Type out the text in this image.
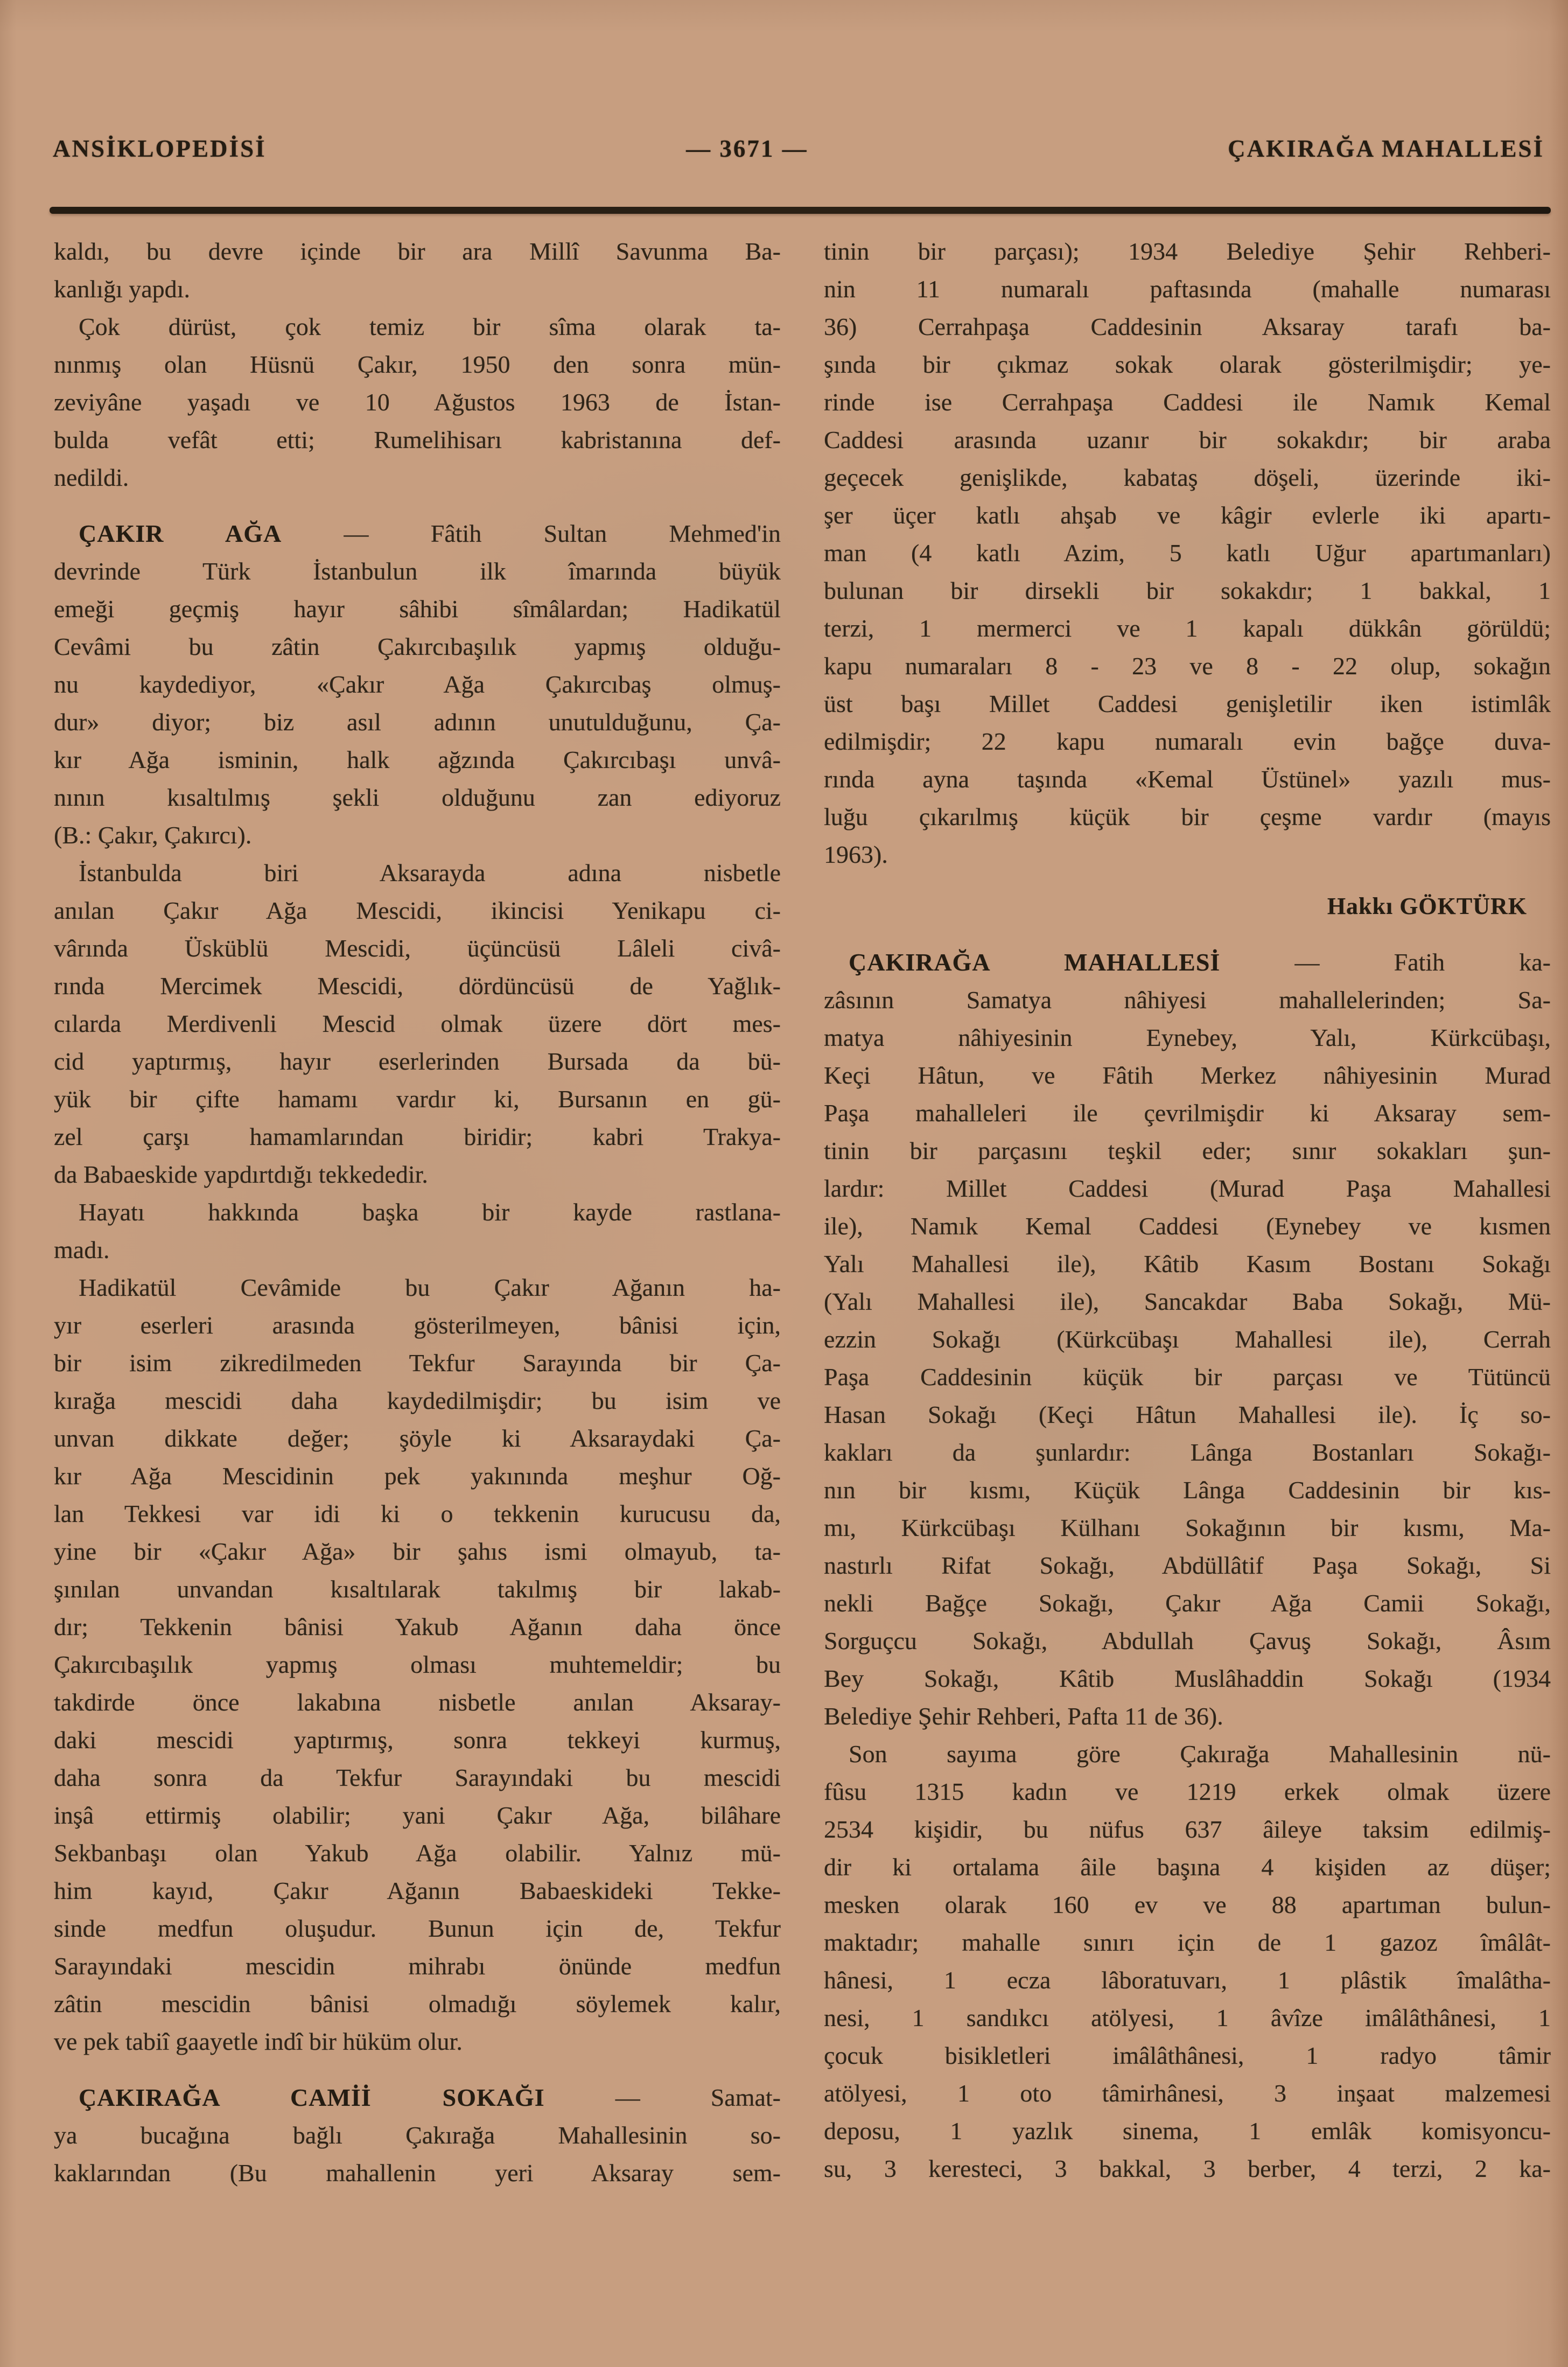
ANSİKLOPEDİSİ	— 3671 —	ÇAKIRAĞA MAHALLESİ
kaldı, bu devre içinde bir ara Millî Savunma Ba-
kanlığı yapdı.
Çok dürüst, çok temiz bir sîma olarak ta-
nınmış olan Hüsnü Çakır, 1950 den sonra mün-
zeviyâne yaşadı ve 10 Ağustos 1963 de İstan-
bulda vefât etti; Rumelihisarı kabristanına def-
nedildi.
ÇAKIR AĞA — Fâtih Sultan Mehmed'in
devrinde Türk İstanbulun ilk îmarında büyük
emeği geçmiş hayır sâhibi sîmâlardan; Hadikatül
Cevâmi bu zâtin Çakırcıbaşılık yapmış olduğu-
nu kaydediyor, «Çakır Ağa Çakırcıbaş olmuş-
dur» diyor; biz asıl adının unutulduğunu, Ça-
kır Ağa isminin, halk ağzında Çakırcıbaşı unvâ-
nının kısaltılmış şekli olduğunu zan ediyoruz
(B.: Çakır, Çakırcı).
İstanbulda biri Aksarayda adına nisbetle
anılan Çakır Ağa Mescidi, ikincisi Yenikapu ci-
vârında Üsküblü Mescidi, üçüncüsü Lâleli civâ-
rında Mercimek Mescidi, dördüncüsü de Yağlık-
cılarda Merdivenli Mescid olmak üzere dört mes-
cid yaptırmış, hayır eserlerinden Bursada da bü-
yük bir çifte hamamı vardır ki, Bursanın en gü-
zel çarşı hamamlarından biridir; kabri Trakya-
da Babaeskide yapdırtdığı tekkededir.
Hayatı hakkında başka bir kayde rastlana-
madı.
Hadikatül Cevâmide bu Çakır Ağanın ha-
yır eserleri arasında gösterilmeyen, bânisi için,
bir isim zikredilmeden Tekfur Sarayında bir Ça-
kırağa mescidi daha kaydedilmişdir; bu isim ve
unvan dikkate değer; şöyle ki Aksaraydaki Ça-
kır Ağa Mescidinin pek yakınında meşhur Oğ-
lan Tekkesi var idi ki o tekkenin kurucusu da,
yine bir «Çakır Ağa» bir şahıs ismi olmayub, ta-
şınılan unvandan kısaltılarak takılmış bir lakab-
dır; Tekkenin bânisi Yakub Ağanın daha önce
Çakırcıbaşılık yapmış olması muhtemeldir; bu
takdirde önce lakabına nisbetle anılan Aksaray-
daki mescidi yaptırmış, sonra tekkeyi kurmuş,
daha sonra da Tekfur Sarayındaki bu mescidi
inşâ ettirmiş olabilir; yani Çakır Ağa, bilâhare
Sekbanbaşı olan Yakub Ağa olabilir. Yalnız mü-
him kayıd, Çakır Ağanın Babaeskideki Tekke-
sinde medfun oluşudur. Bunun için de, Tekfur
Sarayındaki mescidin mihrabı önünde medfun
zâtin mescidin bânisi olmadığı söylemek kalır,
ve pek tabiî gaayetle indî bir hüküm olur.
ÇAKIRAĞA CAMİİ SOKAĞI — Samat-
ya bucağına bağlı Çakırağa Mahallesinin so-
kaklarından (Bu mahallenin yeri Aksaray sem-
tinin bir parçası); 1934 Belediye Şehir Rehberi-
nin 11 numaralı paftasında (mahalle numarası
36) Cerrahpaşa Caddesinin Aksaray tarafı ba-
şında bir çıkmaz sokak olarak gösterilmişdir; ye-
rinde ise Cerrahpaşa Caddesi ile Namık Kemal
Caddesi arasında uzanır bir sokakdır; bir araba
geçecek genişlikde, kabataş döşeli, üzerinde iki-
şer üçer katlı ahşab ve kâgir evlerle iki apartı-
man (4 katlı Azim, 5 katlı Uğur apartımanları)
bulunan bir dirsekli bir sokakdır; 1 bakkal, 1
terzi, 1 mermerci ve 1 kapalı dükkân görüldü;
kapu numaraları 8 - 23 ve 8 - 22 olup, sokağın
üst başı Millet Caddesi genişletilir iken istimlâk
edilmişdir; 22 kapu numaralı evin bağçe duva-
rında ayna taşında «Kemal Üstünel» yazılı mus-
luğu çıkarılmış küçük bir çeşme vardır (mayıs
1963).
Hakkı GÖKTÜRK
ÇAKIRAĞA MAHALLESİ — Fatih ka-
zâsının Samatya nâhiyesi mahallelerinden; Sa-
matya nâhiyesinin Eynebey, Yalı, Kürkcübaşı,
Keçi Hâtun, ve Fâtih Merkez nâhiyesinin Murad
Paşa mahalleleri ile çevrilmişdir ki Aksaray sem-
tinin bir parçasını teşkil eder; sınır sokakları şun-
lardır: Millet Caddesi (Murad Paşa Mahallesi
ile), Namık Kemal Caddesi (Eynebey ve kısmen
Yalı Mahallesi ile), Kâtib Kasım Bostanı Sokağı
(Yalı Mahallesi ile), Sancakdar Baba Sokağı, Mü-
ezzin Sokağı (Kürkcübaşı Mahallesi ile), Cerrah
Paşa Caddesinin küçük bir parçası ve Tütüncü
Hasan Sokağı (Keçi Hâtun Mahallesi ile). İç so-
kakları da şunlardır: Lânga Bostanları Sokağı-
nın bir kısmı, Küçük Lânga Caddesinin bir kıs-
mı, Kürkcübaşı Külhanı Sokağının bir kısmı, Ma-
nastırlı Rifat Sokağı, Abdüllâtif Paşa Sokağı, Si
nekli Bağçe Sokağı, Çakır Ağa Camii Sokağı,
Sorguçcu Sokağı, Abdullah Çavuş Sokağı, Âsım
Bey Sokağı, Kâtib Muslâhaddin Sokağı (1934
Belediye Şehir Rehberi, Pafta 11 de 36).
Son sayıma göre Çakırağa Mahallesinin nü-
fûsu 1315 kadın ve 1219 erkek olmak üzere
2534 kişidir, bu nüfus 637 âileye taksim edilmiş-
dir ki ortalama âile başına 4 kişiden az düşer;
mesken olarak 160 ev ve 88 apartıman bulun-
maktadır; mahalle sınırı için de 1 gazoz îmâlât-
hânesi, 1 ecza lâboratuvarı, 1 plâstik îmalâtha-
nesi, 1 sandıkcı atölyesi, 1 âvîze imâlâthânesi, 1
çocuk bisikletleri imâlâthânesi, 1 radyo tâmir
atölyesi, 1 oto tâmirhânesi, 3 inşaat malzemesi
deposu, 1 yazlık sinema, 1 emlâk komisyoncu-
su, 3 keresteci, 3 bakkal, 3 berber, 4 terzi, 2 ka-
